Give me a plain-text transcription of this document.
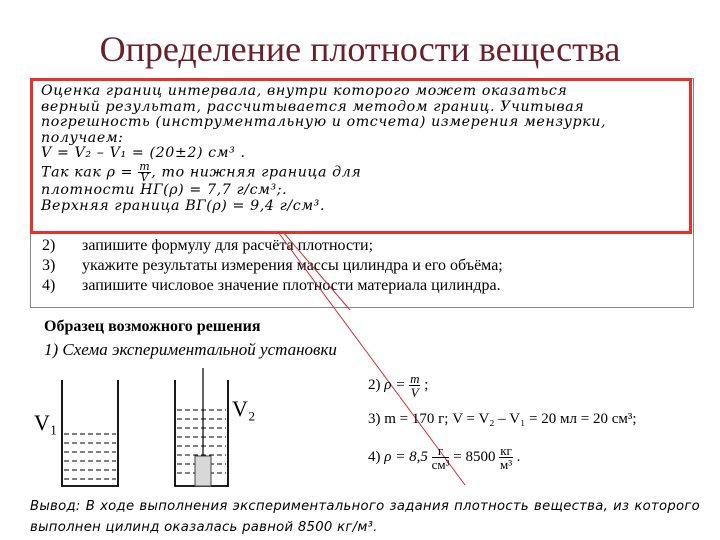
Определение плотности вещества
2) запишите формулу для расчёта плотности;
3) укажите результаты измерения массы цилиндра и его объёма;
4) запишите числовое значение плотности материала цилиндра.
Оценка границ интервала, внутри которого может оказаться
верный результат, рассчитывается методом границ. Учитывая
погрешность (инструментальную и отсчета) измерения мензурки,
получаем:
V = V₂ – V₁ = (20±2) см³ .
Так как $\rho = \frac{m}{V}$ , то нижняя граница для
плотности НГ(ρ) = 7,7 г/см³;.
Верхняя граница ВГ(ρ) = 9,4 г/см³.
Образец возможного решения
1) Схема экспериментальной установки
V₁
V₂
2) $\rho = \frac{m}{V}$ ;
3) m = 170 г; V = V₂ – V₁ = 20 мл = 20 см³;
4) $\rho = 8,5 \frac{г}{\text{см³}} = 8500 \frac{кг}{\text{м³}}$ .
Вывод: В ходе выполнения экспериментального задания плотность вещества, из которого выполнен цилинд оказалась равной 8500 кг/м³.
